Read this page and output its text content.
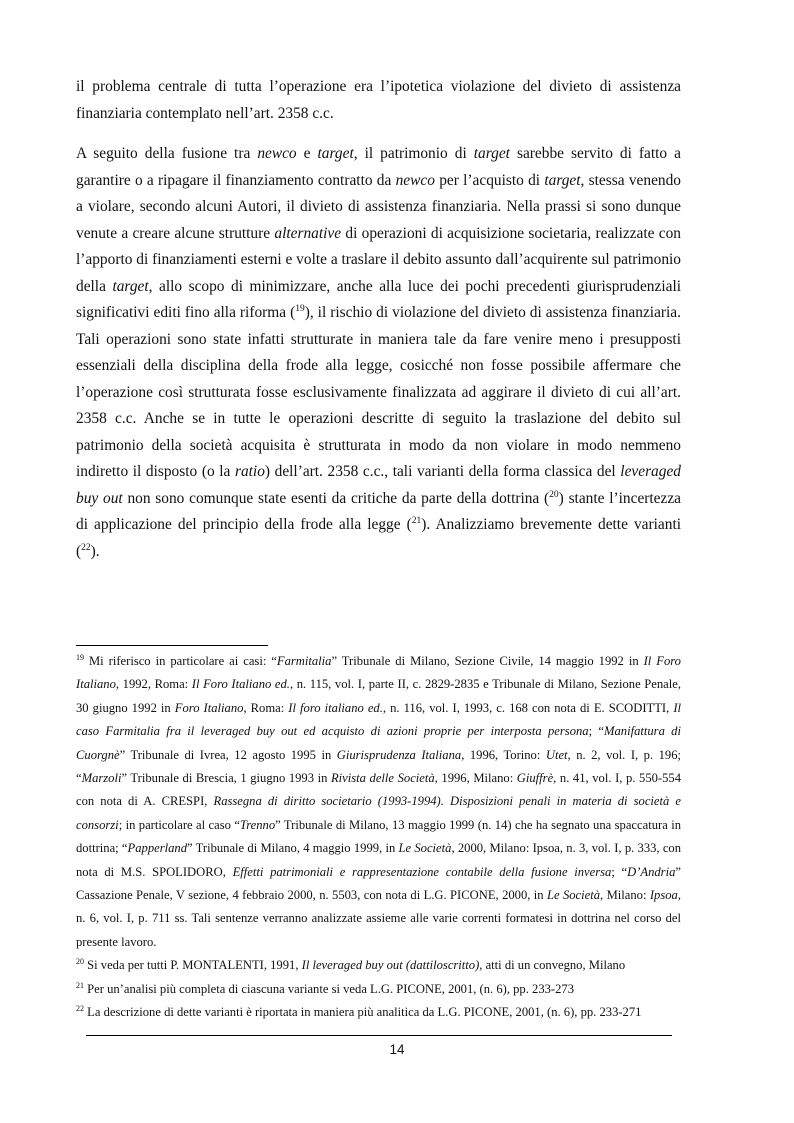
il problema centrale di tutta l’operazione era l’ipotetica violazione del divieto di assistenza finanziaria contemplato nell’art. 2358 c.c.

A seguito della fusione tra newco e target, il patrimonio di target sarebbe servito di fatto a garantire o a ripagare il finanziamento contratto da newco per l’acquisto di target, stessa venendo a violare, secondo alcuni Autori, il divieto di assistenza finanziaria. Nella prassi si sono dunque venute a creare alcune strutture alternative di operazioni di acquisizione societaria, realizzate con l’apporto di finanziamenti esterni e volte a traslare il debito assunto dall’acquirente sul patrimonio della target, allo scopo di minimizzare, anche alla luce dei pochi precedenti giurisprudenziali significativi editi fino alla riforma ($^{19}$), il rischio di violazione del divieto di assistenza finanziaria. Tali operazioni sono state infatti strutturate in maniera tale da fare venire meno i presupposti essenziali della disciplina della frode alla legge, cosicché non fosse possibile affermare che l’operazione così strutturata fosse esclusivamente finalizzata ad aggirare il divieto di cui all’art. 2358 c.c. Anche se in tutte le operazioni descritte di seguito la traslazione del debito sul patrimonio della società acquisita è strutturata in modo da non violare in modo nemmeno indiretto il disposto (o la ratio) dell’art. 2358 c.c., tali varianti della forma classica del leveraged buy out non sono comunque state esenti da critiche da parte della dottrina ($^{20}$) stante l’incertezza di applicazione del principio della frode alla legge ($^{21}$). Analizziamo brevemente dette varianti ($^{22}$).

$^{19}$ Mi riferisco in particolare ai casi: “Farmitalia” Tribunale di Milano, Sezione Civile, 14 maggio 1992 in Il Foro Italiano, 1992, Roma: Il Foro Italiano ed., n. 115, vol. I, parte II, c. 2829-2835 e Tribunale di Milano, Sezione Penale, 30 giugno 1992 in Foro Italiano, Roma: Il foro italiano ed., n. 116, vol. I, 1993, c. 168 con nota di E. SCODITTI, Il caso Farmitalia fra il leveraged buy out ed acquisto di azioni proprie per interposta persona; “Manifattura di Cuorgnè” Tribunale di Ivrea, 12 agosto 1995 in Giurisprudenza Italiana, 1996, Torino: Utet, n. 2, vol. I, p. 196; “Marzoli” Tribunale di Brescia, 1 giugno 1993 in Rivista delle Società, 1996, Milano: Giuffrè, n. 41, vol. I, p. 550-554 con nota di A. CRESPI, Rassegna di diritto societario (1993-1994). Disposizioni penali in materia di società e consorzi; in particolare al caso “Trenno” Tribunale di Milano, 13 maggio 1999 (n. 14) che ha segnato una spaccatura in dottrina; “Papperland” Tribunale di Milano, 4 maggio 1999, in Le Società, 2000, Milano: Ipsoa, n. 3, vol. I, p. 333, con nota di M.S. SPOLIDORO, Effetti patrimoniali e rappresentazione contabile della fusione inversa; “D’Andria” Cassazione Penale, V sezione, 4 febbraio 2000, n. 5503, con nota di L.G. PICONE, 2000, in Le Società, Milano: Ipsoa, n. 6, vol. I, p. 711 ss. Tali sentenze verranno analizzate assieme alle varie correnti formatesi in dottrina nel corso del presente lavoro.

$^{20}$ Si veda per tutti P. MONTALENTI, 1991, Il leveraged buy out (dattiloscritto), atti di un convegno, Milano

$^{21}$ Per un’analisi più completa di ciascuna variante si veda L.G. PICONE, 2001, (n. 6), pp. 233-273

$^{22}$ La descrizione di dette varianti è riportata in maniera più analitica da L.G. PICONE, 2001, (n. 6), pp. 233-271

14
